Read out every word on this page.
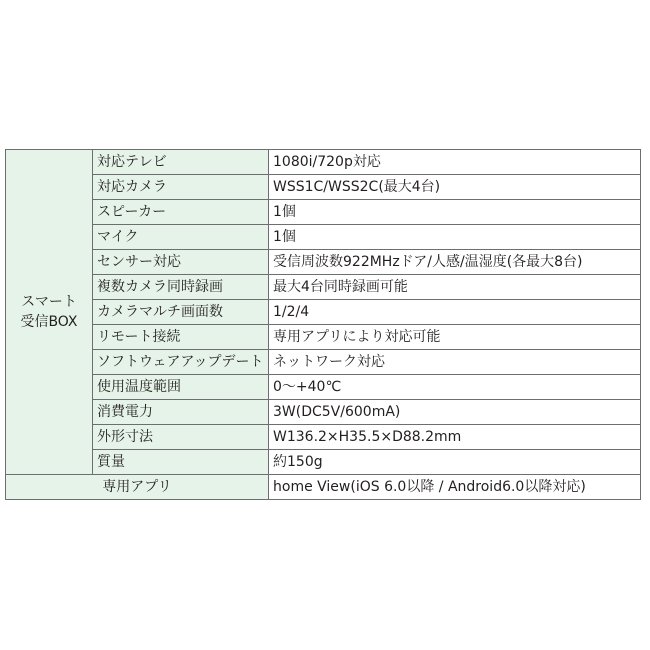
スマート
受信BOX	対応テレビ	1080i/720p対応
	対応カメラ	WSS1C/WSS2C(最大4台)
	スピーカー	1個
	マイク	1個
	センサー対応	受信周波数922MHzドア/人感/温湿度(各最大8台)
	複数カメラ同時録画	最大4台同時録画可能
	カメラマルチ画面数	1/2/4
	リモート接続	専用アプリにより対応可能
	ソフトウェアアップデート	ネットワーク対応
	使用温度範囲	0〜+40℃
	消費電力	3W(DC5V/600mA)
	外形寸法	W136.2×H35.5×D88.2mm
	質量	約150g
専用アプリ		home View(iOS 6.0以降 / Android6.0以降対応)
